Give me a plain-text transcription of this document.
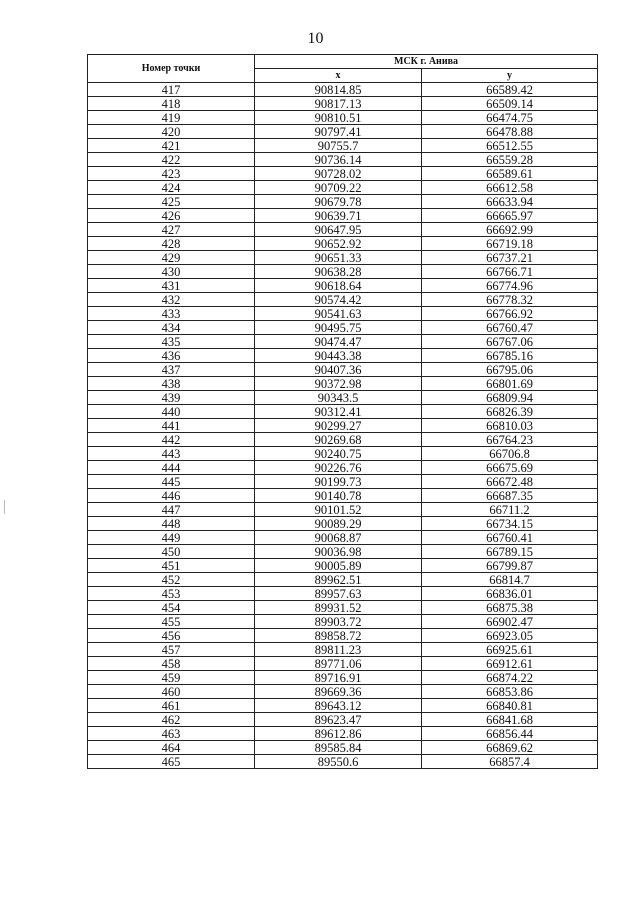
10
Номер точки	МСК г. Анива	
	x	y
417	90814.85	66589.42
418	90817.13	66509.14
419	90810.51	66474.75
420	90797.41	66478.88
421	90755.7	66512.55
422	90736.14	66559.28
423	90728.02	66589.61
424	90709.22	66612.58
425	90679.78	66633.94
426	90639.71	66665.97
427	90647.95	66692.99
428	90652.92	66719.18
429	90651.33	66737.21
430	90638.28	66766.71
431	90618.64	66774.96
432	90574.42	66778.32
433	90541.63	66766.92
434	90495.75	66760.47
435	90474.47	66767.06
436	90443.38	66785.16
437	90407.36	66795.06
438	90372.98	66801.69
439	90343.5	66809.94
440	90312.41	66826.39
441	90299.27	66810.03
442	90269.68	66764.23
443	90240.75	66706.8
444	90226.76	66675.69
445	90199.73	66672.48
446	90140.78	66687.35
447	90101.52	66711.2
448	90089.29	66734.15
449	90068.87	66760.41
450	90036.98	66789.15
451	90005.89	66799.87
452	89962.51	66814.7
453	89957.63	66836.01
454	89931.52	66875.38
455	89903.72	66902.47
456	89858.72	66923.05
457	89811.23	66925.61
458	89771.06	66912.61
459	89716.91	66874.22
460	89669.36	66853.86
461	89643.12	66840.81
462	89623.47	66841.68
463	89612.86	66856.44
464	89585.84	66869.62
465	89550.6	66857.4
